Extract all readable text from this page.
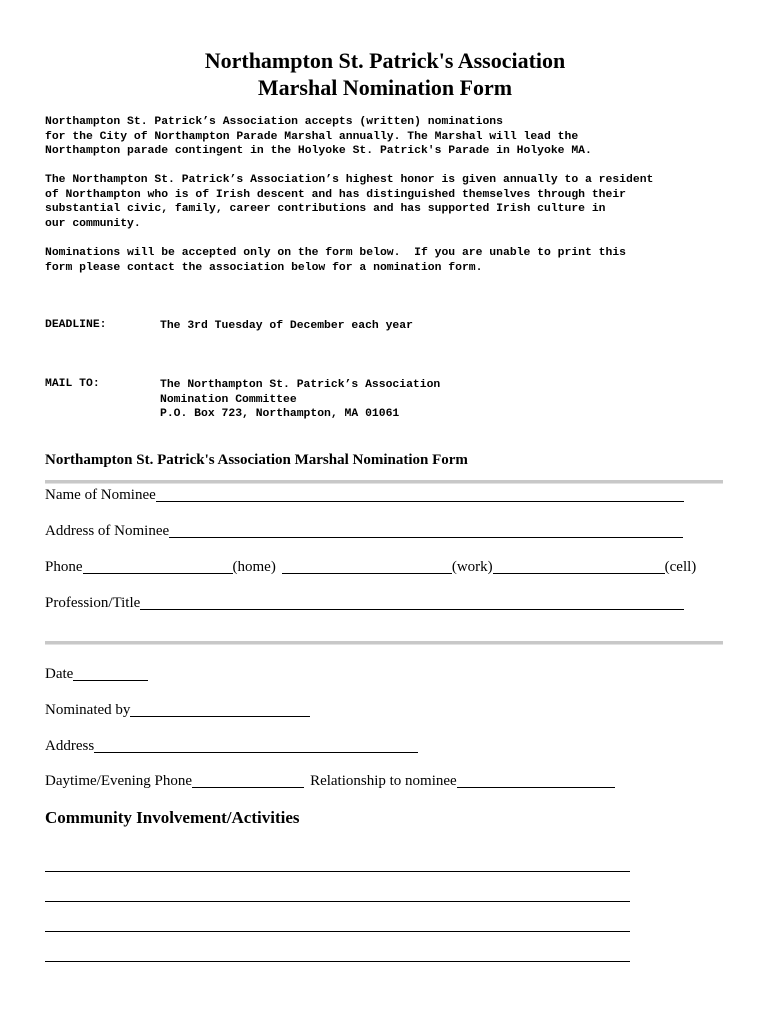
Northampton St. Patrick's Association
Marshal Nomination Form
Northampton St. Patrick’s Association accepts (written) nominations
for the City of Northampton Parade Marshal annually. The Marshal will lead the
Northampton parade contingent in the Holyoke St. Patrick's Parade in Holyoke MA.
The Northampton St. Patrick’s Association’s highest honor is given annually to a resident
of Northampton who is of Irish descent and has distinguished themselves through their
substantial civic, family, career contributions and has supported Irish culture in
our community.
Nominations will be accepted only on the form below.  If you are unable to print this
form please contact the association below for a nomination form.
DEADLINE:	The 3rd Tuesday of December each year
MAIL TO:	The Northampton St. Patrick’s Association
Nomination Committee
P.O. Box 723, Northampton, MA 01061
Northampton St. Patrick's Association Marshal Nomination Form
Name of Nominee
Address of Nominee
Phone	(home)	(work)	(cell)
Profession/Title
Date
Nominated by
Address
Daytime/Evening Phone	Relationship to nominee
Community Involvement/Activities
